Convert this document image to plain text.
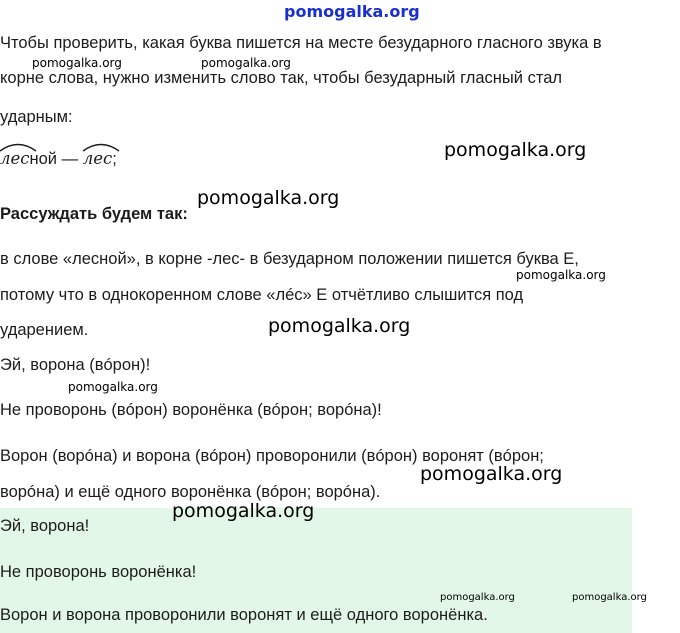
pomogalka.org
Чтобы проверить, какая буква пишется на месте безударного гласного звука в
корне слова, нужно изменить слово так, чтобы безударный гласный стал
ударным:
лесной —
лес;
Рассуждать будем так:
в слове «лесной», в корне -лес- в безударном положении пишется буква Е,
потому что в однокоренном слове «лéс» Е отчётливо слышится под
ударением.
Эй, ворона (вóрон)!
Не проворонь (вóрон) воронёнка (вóрон; ворóна)!
Ворон (ворóна) и ворона (вóрон) проворонили (вóрон) воронят (вóрон;
ворóна) и ещё одного воронёнка (вóрон; ворóна).
Эй, ворона!
Не проворонь воронёнка!
Ворон и ворона проворонили воронят и ещё одного воронёнка.
pomogalka.org	pomogalka.org
pomogalka.org
pomogalka.org
pomogalka.org
pomogalka.org
pomogalka.org
pomogalka.org
pomogalka.org
pomogalka.org	pomogalka.org
